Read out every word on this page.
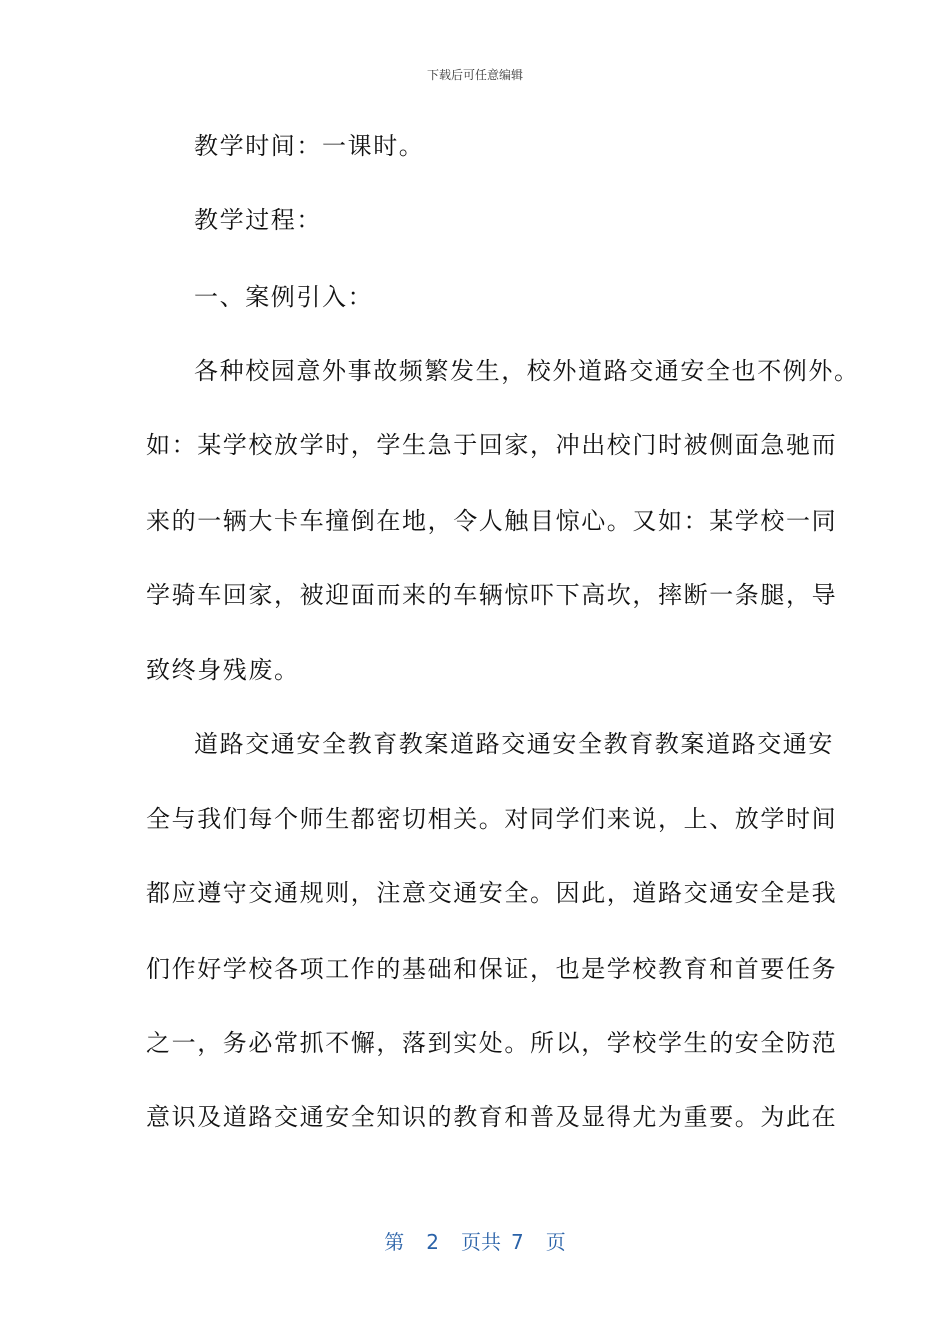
下载后可任意编辑
教学时间：一课时。
教学过程：
一、案例引入：
各种校园意外事故频繁发生，校外道路交通安全也不例外。
如：某学校放学时，学生急于回家，冲出校门时被侧面急驰而
来的一辆大卡车撞倒在地，令人触目惊心。又如：某学校一同
学骑车回家，被迎面而来的车辆惊吓下高坎，摔断一条腿，导
致终身残废。
道路交通安全教育教案道路交通安全教育教案道路交通安
全与我们每个师生都密切相关。对同学们来说，上、放学时间
都应遵守交通规则，注意交通安全。因此，道路交通安全是我
们作好学校各项工作的基础和保证，也是学校教育和首要任务
之一，务必常抓不懈，落到实处。所以，学校学生的安全防范
意识及道路交通安全知识的教育和普及显得尤为重要。为此在
第 2 页共 7 页
